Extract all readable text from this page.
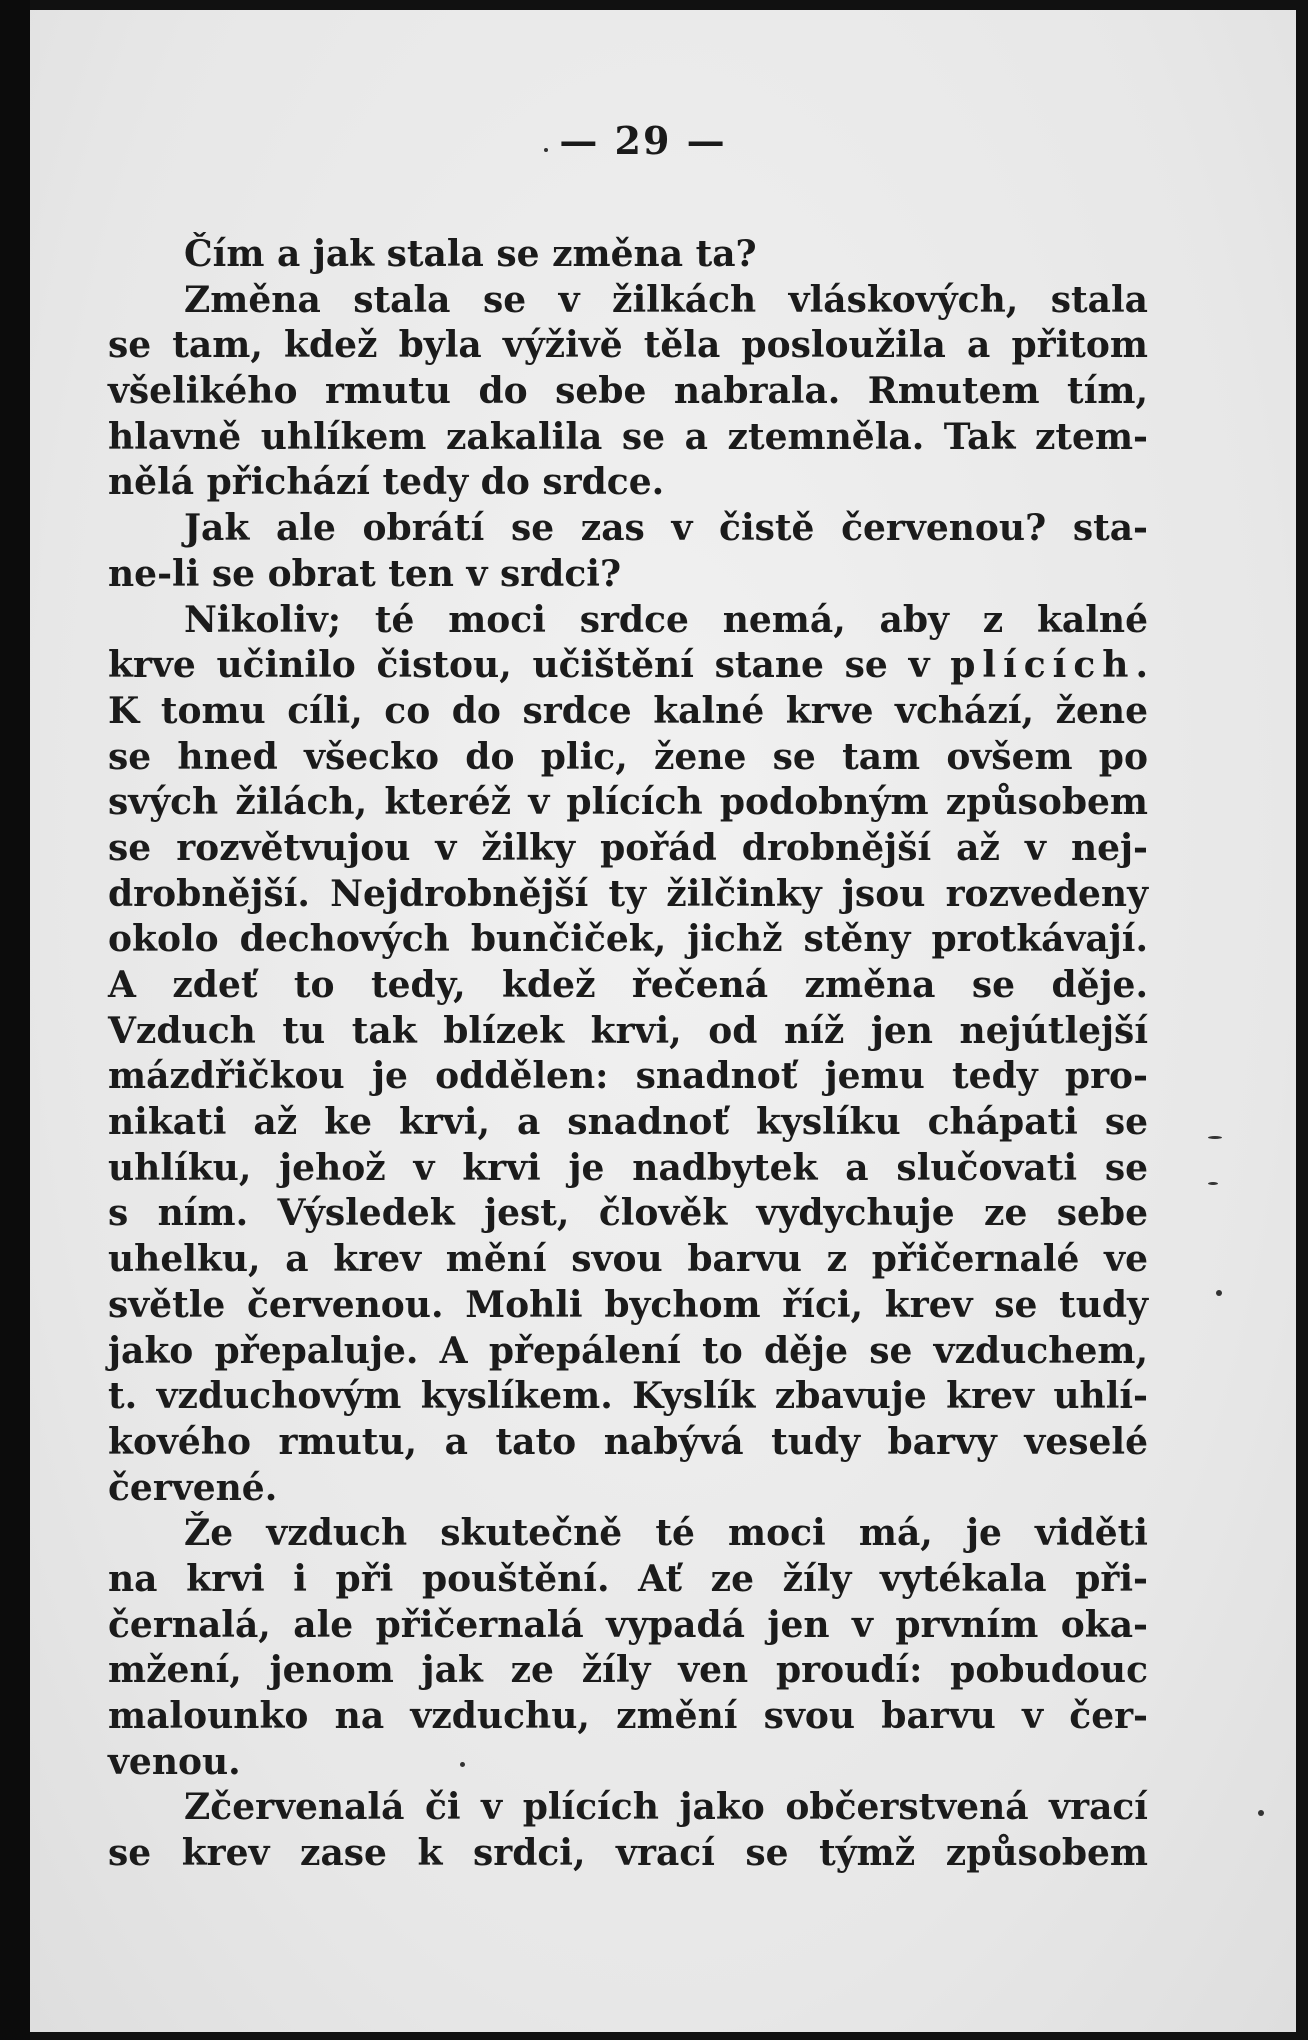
— 29 —
Čím a jak stala se změna ta?
Změna stala se v žilkách vláskových, stala
se tam, kdež byla výživě těla posloužila a přitom
všelikého rmutu do sebe nabrala. Rmutem tím,
hlavně uhlíkem zakalila se a ztemněla. Tak ztem-
nělá přichází tedy do srdce.
Jak ale obrátí se zas v čistě červenou? sta-
ne-li se obrat ten v srdci?
Nikoliv; té moci srdce nemá, aby z kalné
krve učinilo čistou, učištění stane se v plících.
K tomu cíli, co do srdce kalné krve vchází, žene
se hned všecko do plic, žene se tam ovšem po
svých žilách, kteréž v plících podobným způsobem
se rozvětvujou v žilky pořád drobnější až v nej-
drobnější. Nejdrobnější ty žilčinky jsou rozvedeny
okolo dechových bunčiček, jichž stěny protkávají.
A zdeť to tedy, kdež řečená změna se děje.
Vzduch tu tak blízek krvi, od níž jen nejútlejší
mázdřičkou je oddělen: snadnoť jemu tedy pro-
nikati až ke krvi, a snadnoť kyslíku chápati se
uhlíku, jehož v krvi je nadbytek a slučovati se
s ním. Výsledek jest, člověk vydychuje ze sebe
uhelku, a krev mění svou barvu z přičernalé ve
světle červenou. Mohli bychom říci, krev se tudy
jako přepaluje. A přepálení to děje se vzduchem,
t. vzduchovým kyslíkem. Kyslík zbavuje krev uhlí-
kového rmutu, a tato nabývá tudy barvy veselé
červené.
Že vzduch skutečně té moci má, je viděti
na krvi i při pouštění. Ať ze žíly vytékala při-
černalá, ale přičernalá vypadá jen v prvním oka-
mžení, jenom jak ze žíly ven proudí: pobudouc
malounko na vzduchu, změní svou barvu v čer-
venou.
Zčervenalá či v plících jako občerstvená vrací
se krev zase k srdci, vrací se týmž způsobem
